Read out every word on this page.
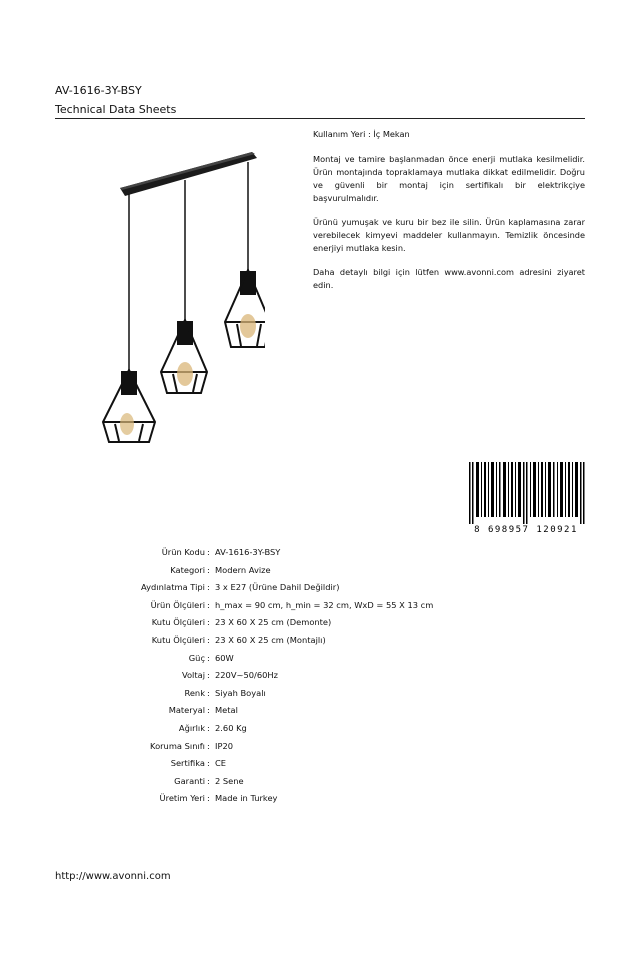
AV-1616-3Y-BSY
Technical Data Sheets

Kullanım Yeri : İç Mekan

Montaj ve tamire başlanmadan önce enerji mutlaka kesilmelidir. Ürün montajında topraklamaya mutlaka dikkat edilmelidir. Doğru ve güvenli bir montaj için sertifikalı bir elektrikçiye başvurulmalıdır.

Ürünü yumuşak ve kuru bir bez ile silin. Ürün kaplamasına zarar verebilecek kimyevi maddeler kullanmayın. Temizlik öncesinde enerjiyi mutlaka kesin.

Daha detaylı bilgi için lütfen www.avonni.com adresini ziyaret edin.

8 698957 120921
Ürün Kodu : AV-1616-3Y-BSY
Kategori : Modern Avize
Aydınlatma Tipi : 3 x E27 (Ürüne Dahil Değildir)
Ürün Ölçüleri : h_max = 90 cm, h_min = 32 cm, WxD = 55 X 13 cm
Kutu Ölçüleri : 23 X 60 X 25 cm (Demonte)
Kutu Ölçüleri : 23 X 60 X 25 cm (Montajlı)
Güç : 60W
Voltaj : 220V~50/60Hz
Renk : Siyah Boyalı
Materyal : Metal
Ağırlık : 2.60 Kg
Koruma Sınıfı : IP20
Sertifika : CE
Garanti : 2 Sene
Üretim Yeri : Made in Turkey
http://www.avonni.com
